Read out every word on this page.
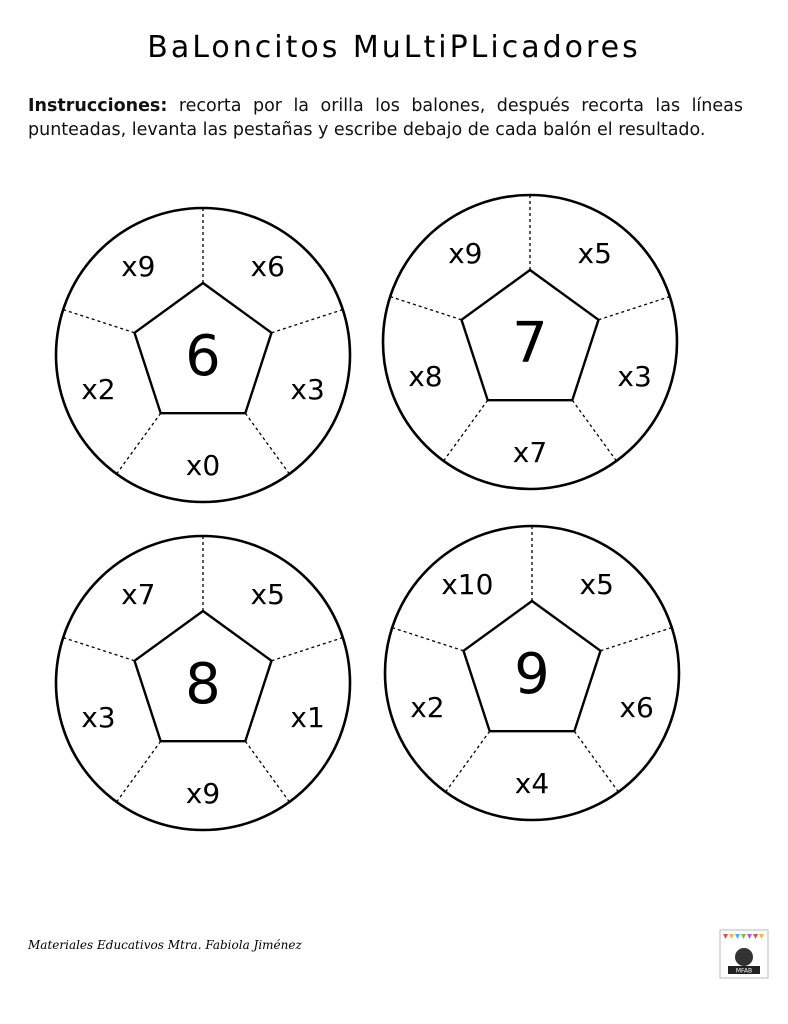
BaLoncitos MuLtiPLicadores
Instrucciones: recorta por la orilla los balones, después recorta las líneas punteadas, levanta las pestañas y escribe debajo de cada balón el resultado.
6
x9	x6
x3
x0
x2
7
x9	x5
x3
x7
x8
8
x7	x5
x1
x9
x3
9
x10	x5
x6
x4
x2
Materiales Educativos Mtra. Fabiola Jiménez
MFAB
